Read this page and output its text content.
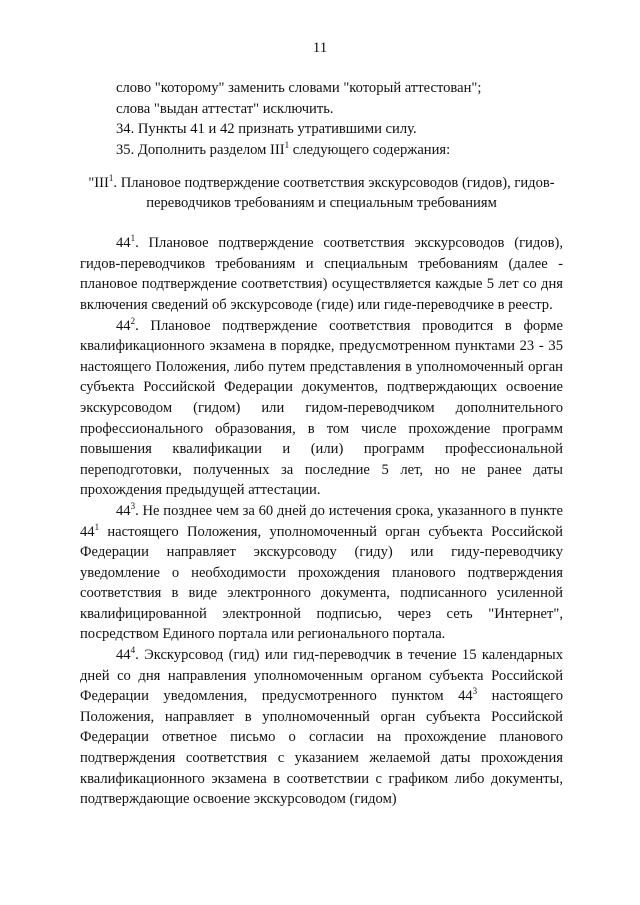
11

слово "которому" заменить словами "который аттестован";

слова "выдан аттестат" исключить.

34. Пункты 41 и 42 признать утратившими силу.

35. Дополнить разделом III$^1$ следующего содержания:

"III$^1$. Плановое подтверждение соответствия экскурсоводов (гидов), гидов-переводчиков требованиям и специальным требованиям

$44^1$. Плановое подтверждение соответствия экскурсоводов (гидов), гидов-переводчиков требованиям и специальным требованиям (далее - плановое подтверждение соответствия) осуществляется каждые 5 лет со дня включения сведений об экскурсоводе (гиде) или гиде-переводчике в реестр.

$44^2$. Плановое подтверждение соответствия проводится в форме квалификационного экзамена в порядке, предусмотренном пунктами 23 - 35 настоящего Положения, либо путем представления в уполномоченный орган субъекта Российской Федерации документов, подтверждающих освоение экскурсоводом (гидом) или гидом-переводчиком дополнительного профессионального образования, в том числе прохождение программ повышения квалификации и (или) программ профессиональной переподготовки, полученных за последние 5 лет, но не ранее даты прохождения предыдущей аттестации.

$44^3$. Не позднее чем за 60 дней до истечения срока, указанного в пункте $44^1$ настоящего Положения, уполномоченный орган субъекта Российской Федерации направляет экскурсоводу (гиду) или гиду-переводчику уведомление о необходимости прохождения планового подтверждения соответствия в виде электронного документа, подписанного усиленной квалифицированной электронной подписью, через сеть "Интернет", посредством Единого портала или регионального портала.

$44^4$. Экскурсовод (гид) или гид-переводчик в течение 15 календарных дней со дня направления уполномоченным органом субъекта Российской Федерации уведомления, предусмотренного пунктом $44^3$ настоящего Положения, направляет в уполномоченный орган субъекта Российской Федерации ответное письмо о согласии на прохождение планового подтверждения соответствия с указанием желаемой даты прохождения квалификационного экзамена в соответствии с графиком либо документы, подтверждающие освоение экскурсоводом (гидом)
